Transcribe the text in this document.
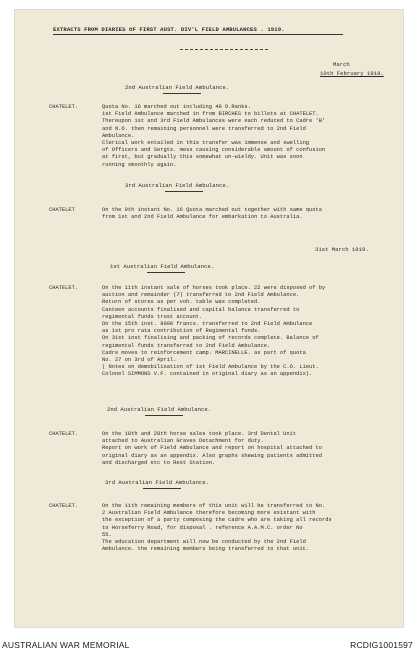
EXTRACTS FROM DIARIES OF FIRST AUST. DIV'L FIELD AMBULANCES . 1919.
March
10th February 1919.
2nd Australian Field Ambulance.
CHATELET.	Quota No. 16 marched out including 40 O.Ranks.
1st Field Ambulance marched in from BIRCHES to billets at CHATELET.
Thereupon 1st and 3rd Field Ambulances were each reduced to Cadre 'B'
and N.O. then remaining personnel were transferred to 2nd Field
Ambulance.
Clerical work entailed in this transfer was immense and swelling
of Officers and Sergts. mess causing considerable amount of confusion
at first, but gradually this somewhat un-wieldy. Unit was soon
running smoothly again.
3rd Australian Field Ambulance.
CHATELET	On the 9th instant No. 16 Quota marched out together with same quota
from 1st and 2nd Field Ambulance for embarkation to Australia.
31st March 1919.
1st Australian Field Ambulance.
CHATELET.	On the 11th instant sale of horses took place. 22 were disposed of by
auction and remainder (7) transferred to 2nd Field Ambulance.
Return of stores as per voh. table was completed.
Canteen accounts finalised and capital balance transferred to
regimental funds trust account.
On the 15th inst. 8000 francs. transferred to 2nd Field Ambulance
as 1st pro rata contribution of Regimental funds.
On 31st inst finalising and packing of records complete. Balance of
regimental funds transferred to 2nd Field Ambulance.
Cadre moves to reinforcement camp. MARCINELLE. as part of quota
No. 27 on 3rd of April.
( Notes on demobilisation of 1st Field Ambulance by the C.O. Lieut.
Colonel SIMMONS V.F. contained in original diary as an appendix).
2nd Australian Field Ambulance.
CHATELET.	On the 18th and 28th horse sales took place. 3rd Dental Unit
attached to Australian Graves Detachment for duty.
Report on work of Field Ambulance and report on hospital attached to
original diary as an appendix. Also graphs shewing patients admitted
and discharged etc to Rest Station.
3rd Australian Field Ambulance.
CHATELET.	On the 11th remaining members of this unit will be transferred to No.
2 Australian Field Ambulance therefore becoming more existant with
the exception of a party composing the cadre who are taking all records
to Horseferry Road, for disposal . reference A.A.M.C. order No
55.
The education department will now be conducted by the 2nd Field
Ambulance. the remaining members being transferred to that unit.
AUSTRALIAN WAR MEMORIAL	RCDIG1001597
